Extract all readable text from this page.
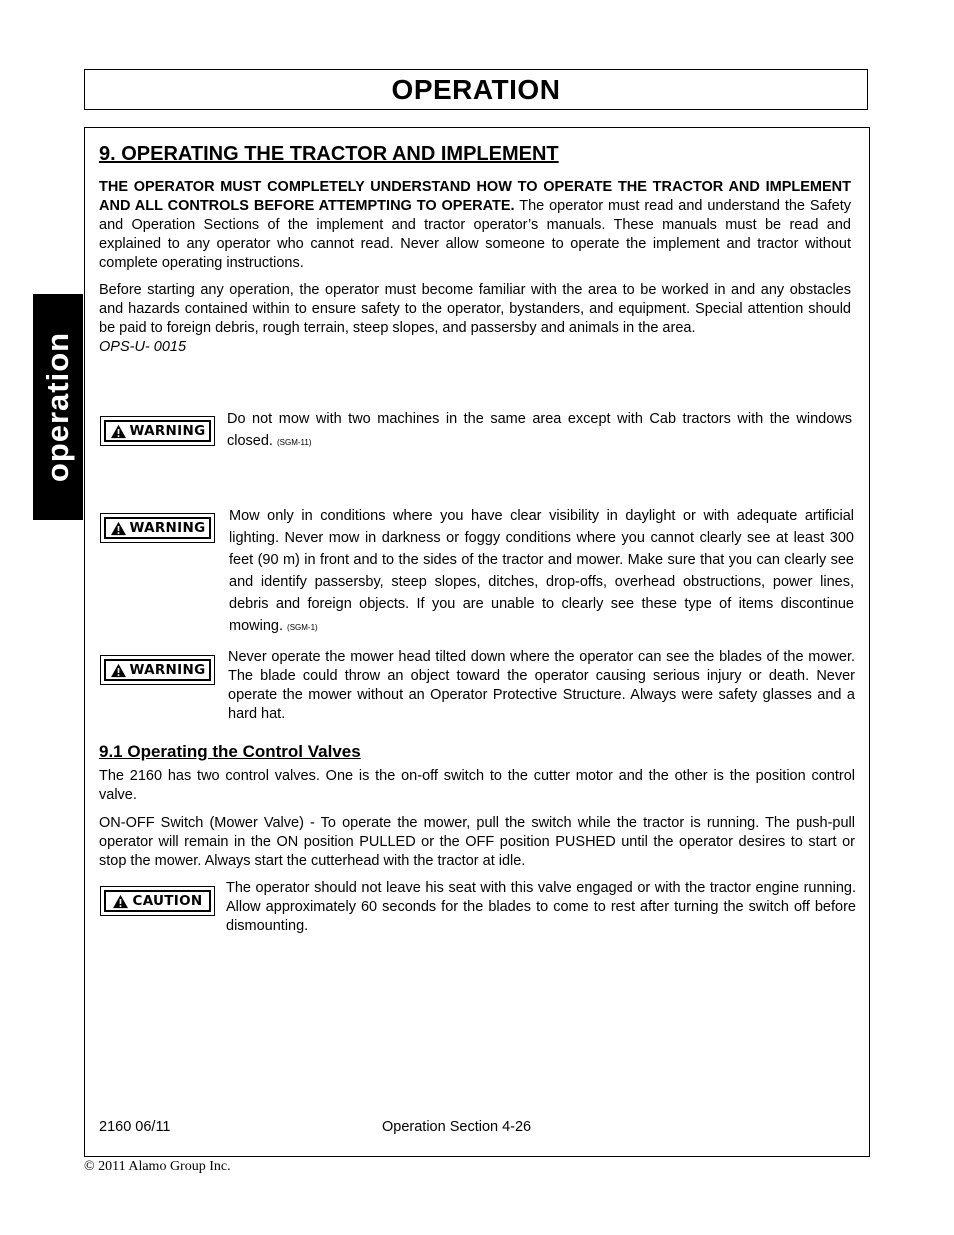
OPERATION
operation
9. OPERATING THE TRACTOR AND IMPLEMENT

THE OPERATOR MUST COMPLETELY UNDERSTAND HOW TO OPERATE THE TRACTOR AND IMPLEMENT AND ALL CONTROLS BEFORE ATTEMPTING TO OPERATE. The operator must read and understand the Safety and Operation Sections of the implement and tractor operator’s manuals. These manuals must be read and explained to any operator who cannot read. Never allow someone to operate the implement and tractor without complete operating instructions.

Before starting any operation, the operator must become familiar with the area to be worked in and any obstacles and hazards contained within to ensure safety to the operator, bystanders, and equipment. Special attention should be paid to foreign debris, rough terrain, steep slopes, and passersby and animals in the area.
OPS-U- 0015

WARNING

Do not mow with two machines in the same area except with Cab tractors with the windows closed. (SGM-11)

WARNING

Mow only in conditions where you have clear visibility in daylight or with adequate artificial lighting. Never mow in darkness or foggy conditions where you cannot clearly see at least 300 feet (90 m) in front and to the sides of the tractor and mower. Make sure that you can clearly see and identify passersby, steep slopes, ditches, drop-offs, overhead obstructions, power lines, debris and foreign objects. If you are unable to clearly see these type of items discontinue mowing. (SGM-1)

WARNING

Never operate the mower head tilted down where the operator can see the blades of the mower. The blade could throw an object toward the operator causing serious injury or death. Never operate the mower without an Operator Protective Structure. Always were safety glasses and a hard hat.

9.1 Operating the Control Valves

The 2160 has two control valves. One is the on-off switch to the cutter motor and the other is the position control valve.

ON-OFF Switch (Mower Valve) - To operate the mower, pull the switch while the tractor is running. The push-pull operator will remain in the ON position PULLED or the OFF position PUSHED until the operator desires to start or stop the mower. Always start the cutterhead with the tractor at idle.

CAUTION

The operator should not leave his seat with this valve engaged or with the tractor engine running. Allow approximately 60 seconds for the blades to come to rest after turning the switch off before dismounting.

2160 06/11	Operation Section 4-26
© 2011 Alamo Group Inc.
